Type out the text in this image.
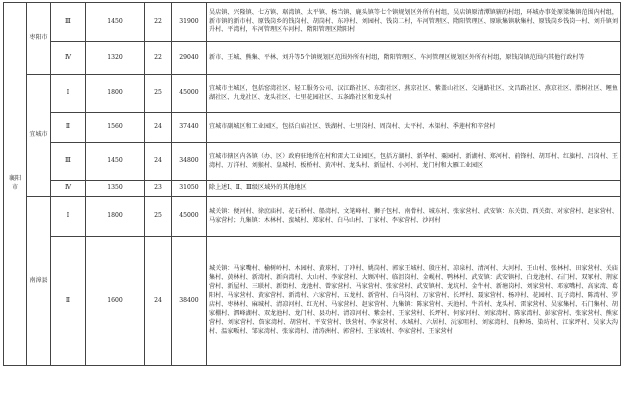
襄阳市	枣阳市	Ⅲ	1450	22	31900	吴店镇、兴隆镇、七方镇、琚湾镇、太平镇、杨当镇、鹿头镇等七个镇规划区外所有村组，吴店镇原清潭镇辖的村组，环城办事处原梁集镇范围内村组，新市镇的新市村、原钱岗乡的钱岗村、胡岗村、东冲村、刘园村、钱岗二村，车河管理区、隋阳管理区、原耿集镇耿集村、原钱岗乡钱岗一村、刘升镇刘升村、平湾村，车河管理区车河村、隋阳管理区隋阳村
		Ⅳ	1320	22	29040	新市、王城、熊集、平林、刘升等5个镇规划区范围外所有村组，隋阳管理区、车河管理区规划区外所有村组，原钱岗镇范围内其他行政村等
	宜城市	Ⅰ	1800	25	45000	宜城市主城区，包括窑湾社区、轻工服务公司、汉江路社区、东街社区、燕京社区、紫盖山社区、交通路社区、文昌路社区、燕京社区、腊树社区、鲤鱼湖社区、九龙社区、龙头社区、七里花园社区、五条路社区和龙头村
		Ⅱ	1560	24	37440	宜城市副城区和工业园区，包括白庙社区、铁湖村、七里岗村、周岗村、太平村、木渠村、季莲村和辛营村
		Ⅲ	1450	24	34800	宜城市辖区内各镇（办、区）政府驻地所在村和雷大工业园区，包括方湖村、新华村、粟园村、新湖村、郑河村、前锋村、胡耳村、红旗村、吕岗村、王湾村、万洋村、刘猴村、皇城村、板桥村、黄冲村、龙头村、新屋村、小河村、龙门村和大雁工业园区
		Ⅳ	1350	23	31050	除上述Ⅰ、Ⅱ、Ⅲ级区域外的其他地区
	南漳县	Ⅰ	1800	25	45000	城关镇：便河村、徐庶庙村、花石桥村、船湾村、文笔峰村、狮子包村、南骨村、城东村、张家营村、武安镇：东关街、西关街、对家营村、赵家营村、马家营村；九集镇：木林村、蛮城村、郑家村、白马山村、丁家村、李家营村、沙河村
		Ⅱ	1600	24	38400	城关镇：马家嘴村、榆树岭村、木园村、黄球村、丁冲村、姚岗村、郭家王城村、殷庄村、凉泉村、清河村、大河村、王山村、张林村、田家营村、关庙集村、黄林村、新湾村、新向湾村、大山村、李家营村、大顾冲村、临沮岗村、金岘村、鸭林村、武安镇：武安镇村、白龙池村、石门村、双冢村、荆家营村、新屋村、三联村、新街村、龙池村、曾家营村、马家营村、张家营村、武安镇村、龙坑村、金牛村、新塘岗村、刘家营村、邓家嘴村、高家湾、葛阳村、马家营村、黄家营村、新湾村、六家营村、五龙村、新营村、白马岗村、万家营村、长坪村、聂家营村、杨冲村、花园村、瓦子湾村、陈湾村、罗店村、枣林村、麻城村、清凉河村、红光村、马家营村、赵家营村、九集镇：陈家营村、天池村、牛首村、龙头村、雷家营村、吴家集村、石门集村、胡家棚村、泗峰湖村、双龙池村、龙门村、县功村、清凉河村、紫金村、王家营村、长坪村、何家河村、刘家湾村、陈家湾村、彭家营村、张家营村、熊家营村、刘家营村、詹家湾村、胡营村、平安营村、铁营村、李家营村、水城村、六居村、沅家咀村、刘家湾村、良种场、染坊村、江家坪村、吴家大沟村、温家畈村、邹家湾村、张家湾村、清涛洲村、郭营村、王家坡村、李家营村、王家营村
